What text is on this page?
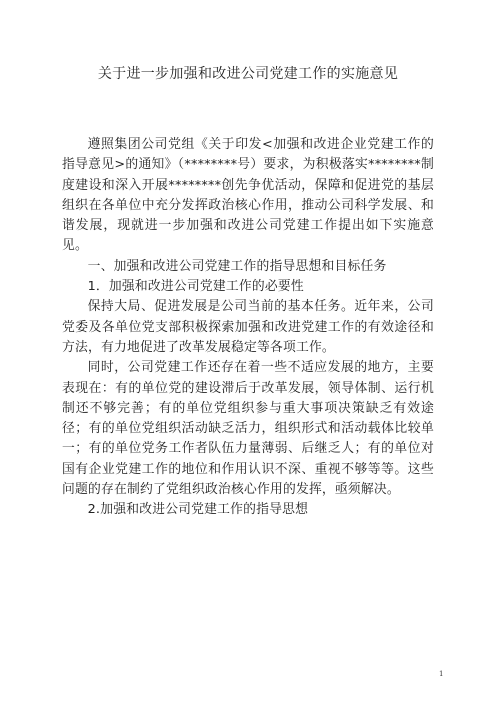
关于进一步加强和改进公司党建工作的实施意见

遵照集团公司党组《关于印发<加强和改进企业党建工作的指导意见>的通知》（********号）要求，为积极落实********制度建设和深入开展********创先争优活动，保障和促进党的基层组织在各单位中充分发挥政治核心作用，推动公司科学发展、和谐发展，现就进一步加强和改进公司党建工作提出如下实施意见。

一、加强和改进公司党建工作的指导思想和目标任务

1．加强和改进公司党建工作的必要性

保持大局、促进发展是公司当前的基本任务。近年来，公司党委及各单位党支部积极探索加强和改进党建工作的有效途径和方法，有力地促进了改革发展稳定等各项工作。

同时，公司党建工作还存在着一些不适应发展的地方，主要表现在：有的单位党的建设滞后于改革发展，领导体制、运行机制还不够完善；有的单位党组织参与重大事项决策缺乏有效途径；有的单位党组织活动缺乏活力，组织形式和活动载体比较单一；有的单位党务工作者队伍力量薄弱、后继乏人；有的单位对国有企业党建工作的地位和作用认识不深、重视不够等等。这些问题的存在制约了党组织政治核心作用的发挥，亟须解决。

2.加强和改进公司党建工作的指导思想

1
